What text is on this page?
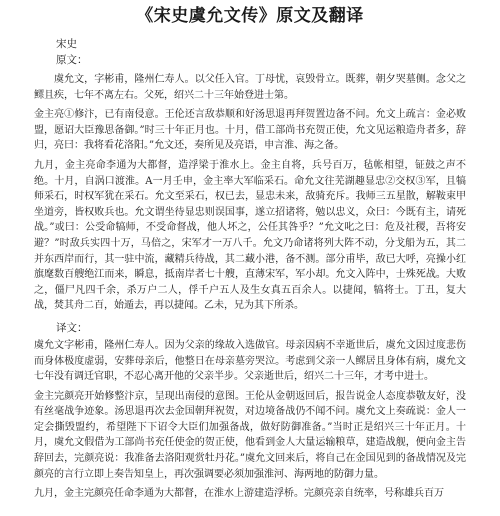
《宋史虞允文传》原文及翻译

宋史

原文：

虞允文，字彬甫，隆州仁寿人。以父任入官。丁母忧，哀毁骨立。既葬，朝夕哭墓侧。念父之鳏且疾，七年不离左右。父死，绍兴二十三年始登进士第。

金主亮①修汴，已有南侵意。王伦还言敌恭顺和好汤思退再拜贺置边备不问。允文上疏言：金必败盟，愿诏大臣豫思备御。”时三十年正月也。十月，借工部尚书充贺正使，允文见运粮造舟者多，辞归，亮曰：我将看花洛阳。”允文还，奏所见及亮语，申言淮、海之备。

九月，金主亮命李通为大都督，造浮梁于淮水上。金主自将，兵号百万，毡帐相望，钲鼓之声不绝。十月，自涡口渡淮。A一月壬申，金主率大军临采石。命允文往芜湖趣显忠②交权③军，且犒师采石，时权军犹在采石。允文至采石，权已去，显忠未来，敌骑充斥。我师三五星散，解鞍束甲坐道旁，皆权败兵也。允文谓坐待显忠则误国事，遂立招诸将，勉以忠义，众曰：今既有主，请死战。”或曰：公受命犒师，不受命督战，他人坏之，公任其咎乎？”允文叱之曰：危及社稷，吾将安避？”时敌兵实四十万，马倍之，宋军才一万八千。允文乃命诸将列大阵不动，分戈船为五，其二并东西岸而行，其一驻中流，藏精兵待战，其二藏小港，备不测。部分甫毕，敌已大呼，亮操小红旗麾数百艘绝江而来，瞬息，抵南岸者七十艘，直薄宋军，军小却。允文入阵中，士殊死战。大败之，僵尸凡四千余，杀万户二人，俘千户五人及生女真五百余人。以捷闻，犒将士。丁丑，复大战，焚其舟二百，始遁去，再以捷闻。乙未，兄为其下所杀。

译文：

虞允文字彬甫，隆州仁寿人。因为父亲的缘故入选做官。母亲因病不幸逝世后，虞允文因过度悲伤而身体极度虚弱，安葬母亲后，他整日在母亲墓旁哭泣。考虑到父亲一人鳏居且身体有病，虞允文七年没有调迁官职，不忍心离开他的父亲半步。父亲逝世后，绍兴二十三年，才考中进士。

金主完颜亮开始修整汴京，呈现出南侵的意图。王伦从金朝返回后，报告说金人态度恭敬友好，没有丝毫战争迹象。汤思退再次去金国朝拜祝贺，对边境备战仍不闻不问。虞允文上奏疏说：金人一定会撕毁盟约，希望陛下下诏令大臣们加强备战，做好防御准备。”当时正是绍兴三十年正月。十月，虞允文假借为工部尚书充任使金的贺正使，他看到金人大量运输粮草，建造战舰，便向金主告辞回去，完颜亮说：我准备去洛阳观赏牡丹花。”虞允文回来后，将自己在金国见到的备战情况及完颜亮的言行立即上奏告知皇上，再次强调要必须加强淮河、海两地的防御力量。

九月，金主完颜亮任命李通为大都督，在淮水上游建造浮桥。完颜亮亲自统率，号称雄兵百万
